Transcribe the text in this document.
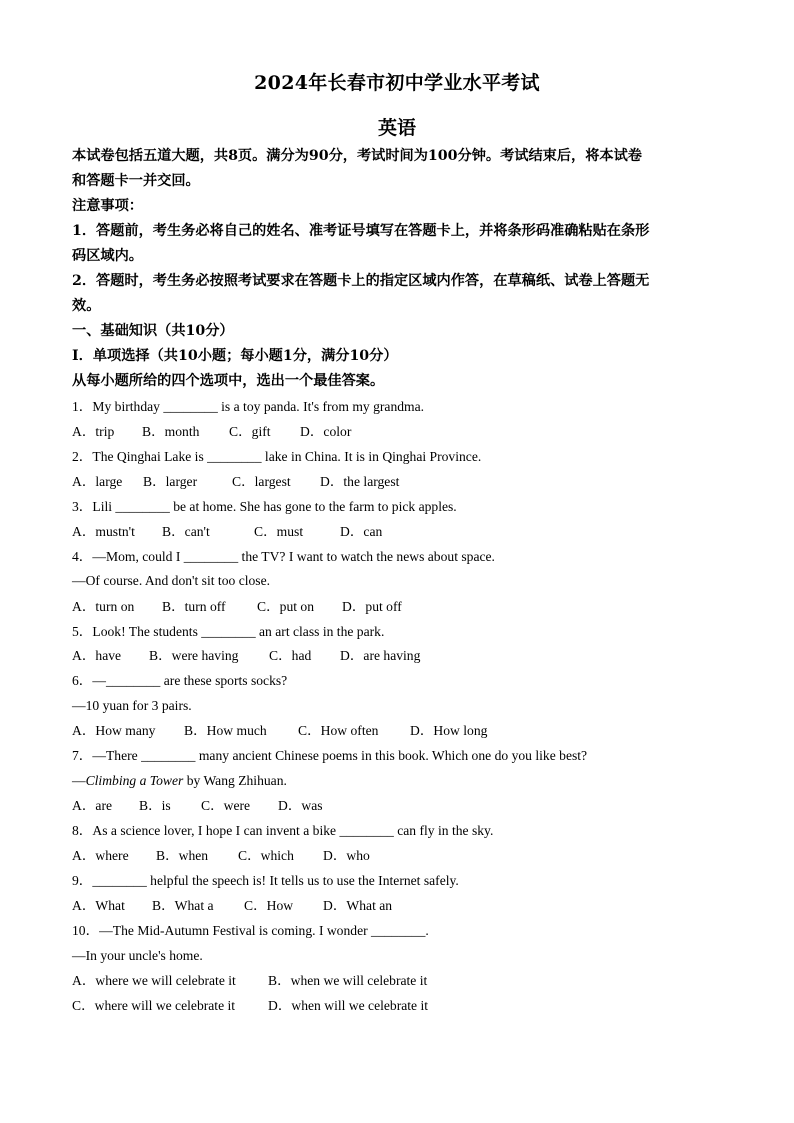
2024年长春市初中学业水平考试
英语
本试卷包括五道大题，共8页。满分为90分，考试时间为100分钟。考试结束后，将本试卷
和答题卡一并交回。
注意事项：
1．答题前，考生务必将自己的姓名、准考证号填写在答题卡上，并将条形码准确粘贴在条形
码区域内。
2．答题时，考生务必按照考试要求在答题卡上的指定区域内作答，在草稿纸、试卷上答题无
效。
一、基础知识（共10分）
Ⅰ．单项选择（共10小题；每小题1分，满分10分）
从每小题所给的四个选项中，选出一个最佳答案。
1．My birthday ________ is a toy panda. It's from my grandma.
A．trip B．month C．gift D．color
2．The Qinghai Lake is ________ lake in China. It is in Qinghai Province.
A．large B．larger	C．largest D．the largest
3．Lili ________ be at home. She has gone to the farm to pick apples.
A．mustn't B．can't	C．must	D．can
4．—Mom, could I ________ the TV? I want to watch the news about space.
—Of course. And don't sit too close.
A．turn on B．turn off C．put on D．put off
5．Look! The students ________ an art class in the park.
A．have B．were having C．had D．are having
6．—________ are these sports socks?
—10 yuan for 3 pairs.
A．How many B．How much C．How often D．How long
7．—There ________ many ancient Chinese poems in this book. Which one do you like best?
—Climbing a Tower by Wang Zhihuan.
A．are B．is C．were D．was
8．As a science lover, I hope I can invent a bike ________ can fly in the sky.
A．where B．when C．which D．who
9．________ helpful the speech is! It tells us to use the Internet safely.
A．What B．What a C．How D．What an
10．—The Mid-Autumn Festival is coming. I wonder ________.
—In your uncle's home.
A．where we will celebrate it B．when we will celebrate it
C．where will we celebrate it D．when will we celebrate it
